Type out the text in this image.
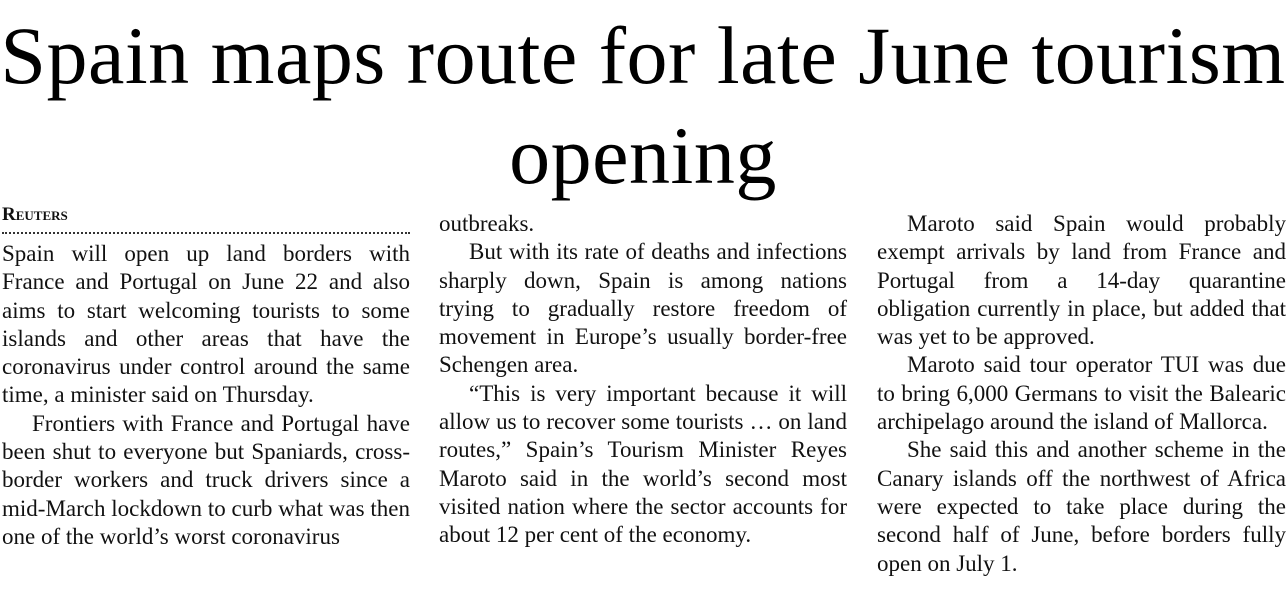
Spain maps route for late June tourism opening
Reuters

Spain will open up land borders with France and Portugal on June 22 and also aims to start welcoming tourists to some islands and other areas that have the coronavirus under control around the same time, a minister said on Thursday.

Frontiers with France and Portugal have been shut to everyone but Spaniards, cross-border workers and truck drivers since a mid-March lockdown to curb what was then one of the world’s worst coronavirus

outbreaks.

But with its rate of deaths and infections sharply down, Spain is among nations trying to gradually restore freedom of movement in Europe’s usually border-free Schengen area.

“This is very important because it will allow us to recover some tourists … on land routes,” Spain’s Tourism Minister Reyes Maroto said in the world’s second most visited nation where the sector accounts for about 12 per cent of the economy.

Maroto said Spain would probably exempt arrivals by land from France and Portugal from a 14-day quarantine obligation currently in place, but added that was yet to be approved.

Maroto said tour operator TUI was due to bring 6,000 Germans to visit the Balearic archipelago around the island of Mallorca.

She said this and another scheme in the Canary islands off the northwest of Africa were expected to take place during the second half of June, before borders fully open on July 1.
